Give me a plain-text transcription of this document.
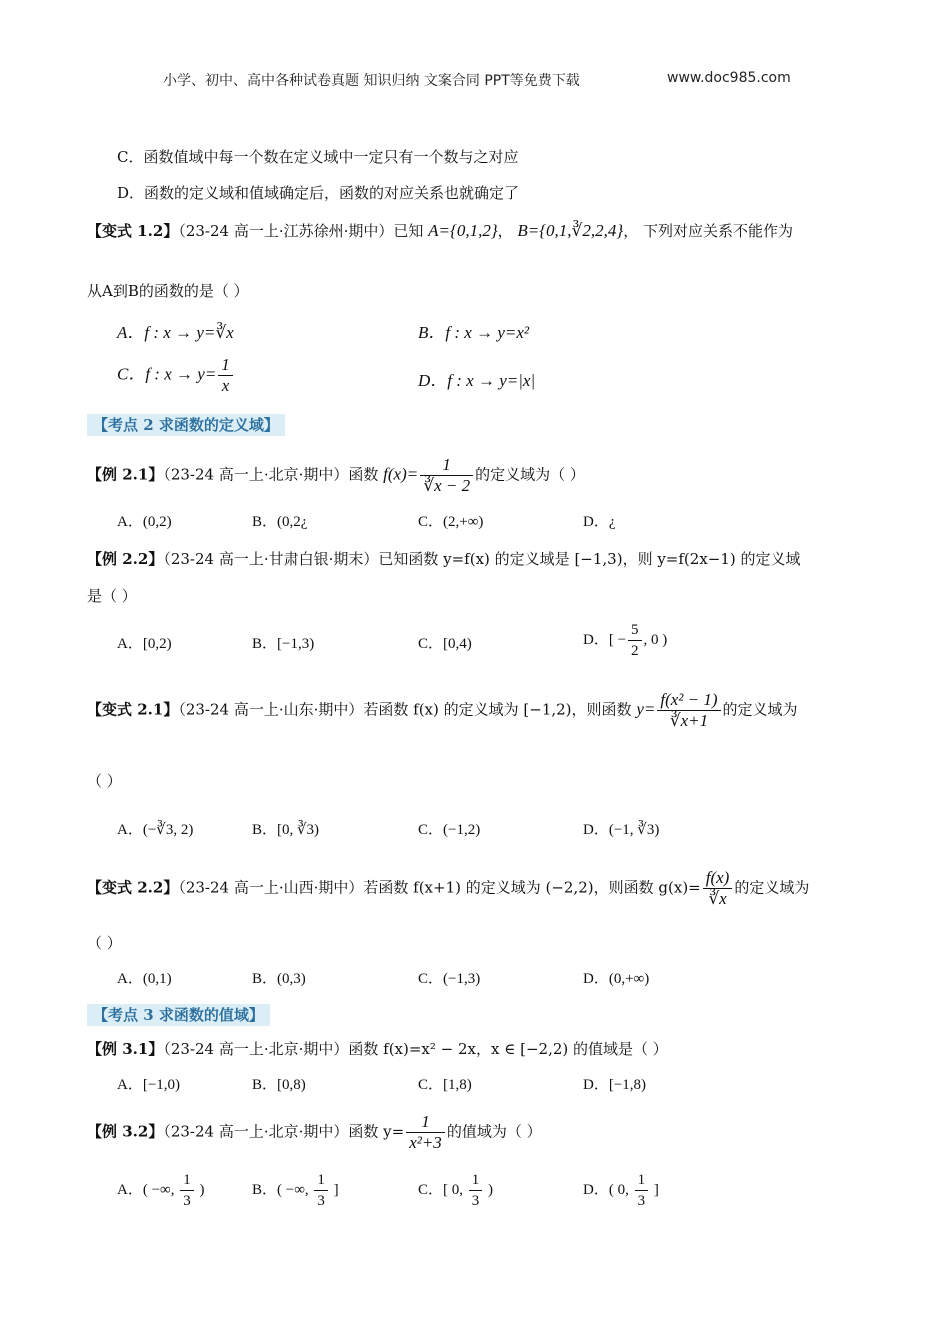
小学、初中、高中各种试卷真题 知识归纳 文案合同 PPT等免费下载	www.doc985.com
C．函数值域中每一个数在定义域中一定只有一个数与之对应
D．函数的定义域和值域确定后，函数的对应关系也就确定了
【变式 1.2】（23-24 高一上·江苏徐州·期中）已知 A={0,1,2}， B={0,1,∛2,2,4}， 下列对应关系不能作为
从A到B的函数的是（ ）
A．f : x → y=∛x	B．f : x → y=x²
C．f : $x \to y= \frac{1}{x}$	D．f : x → y=|x|
【考点 2 求函数的定义域】
【例 2.1】（23-24 高一上·北京·期中）函数 $f(x)= \frac{1}{∛x - 2}$ 的定义域为（ ）
A．(0,2)	B．(0,2¿	C．(2,+∞)	D．¿
【例 2.2】（23-24 高一上·甘肃白银·期末）已知函数 y=f(x) 的定义域是 [−1,3)，则 y=f(2x−1) 的定义域
是（ ）
A．[0,2)	B．[−1,3)	C．[0,4)	D．[ − $\frac{5}{2}$ , 0 )
【变式 2.1】（23-24 高一上·山东·期中）若函数 f(x) 的定义域为 [−1,2)，则函数 $y= \frac{\text{f(x² − 1)}}{∛x+1}$ 的定义域为
（ ）
A．(−∛3, 2)	B．[0, ∛3)	C．(−1,2)	D．(−1, ∛3)
【变式 2.2】（23-24 高一上·山西·期中）若函数 f(x+1) 的定义域为 (−2,2)，则函数 $g(x)= \frac{f(x)}{∛x}$ 的定义域为
（ ）
A．(0,1)	B．(0,3)	C．(−1,3)	D．(0,+∞)
【考点 3 求函数的值域】
【例 3.1】（23-24 高一上·北京·期中）函数 f(x)=x² − 2x，x ∈ [−2,2) 的值域是（ ）
A．[−1,0)	B．[0,8)	C．[1,8)	D．[−1,8)
【例 3.2】（23-24 高一上·北京·期中）函数 $y= \frac{1}{\text{x²+3}}$ 的值域为（ ）
A．( −∞, $\frac{1}{3}$ )	B．( −∞, $\frac{1}{3}$ ]	C．[ 0, $\frac{1}{3}$ )	D．( 0, $\frac{1}{3}$ ]
